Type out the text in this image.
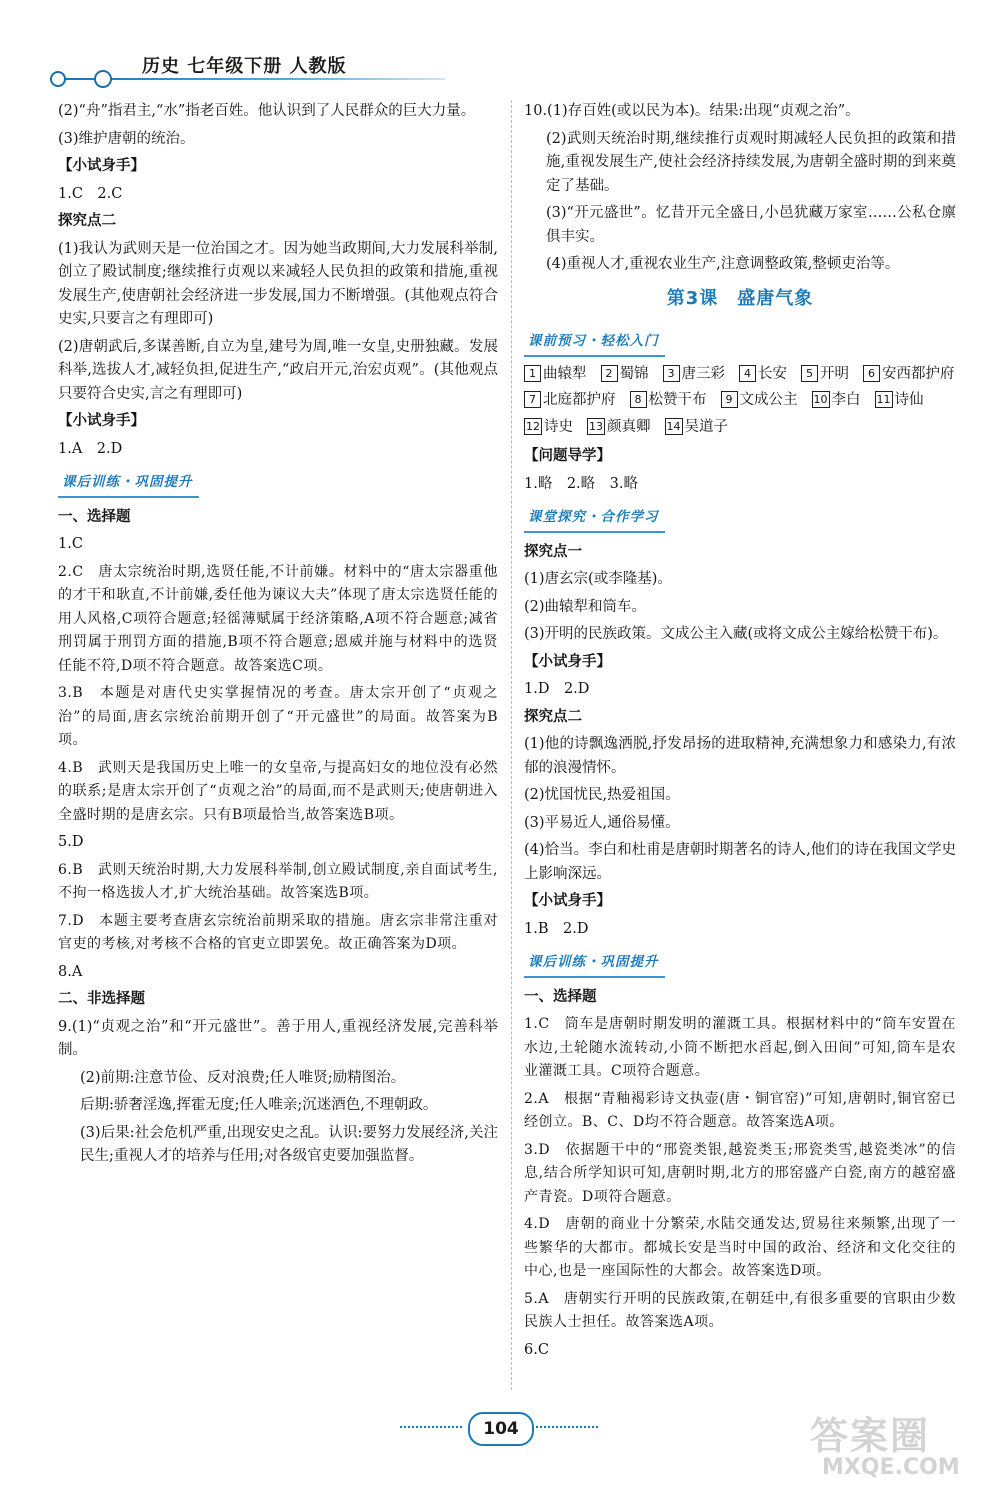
历史 七年级下册 人教版
(2)“舟”指君主,“水”指老百姓。他认识到了人民群众的巨大力量。
(3)维护唐朝的统治。
【小试身手】
1.C　2.C
探究点二
(1)我认为武则天是一位治国之才。因为她当政期间,大力发展科举制,创立了殿试制度;继续推行贞观以来减轻人民负担的政策和措施,重视发展生产,使唐朝社会经济进一步发展,国力不断增强。(其他观点符合史实,只要言之有理即可)
(2)唐朝武后,多谋善断,自立为皇,建号为周,唯一女皇,史册独藏。发展科举,选拔人才,减轻负担,促进生产,“政启开元,治宏贞观”。(其他观点只要符合史实,言之有理即可)
【小试身手】
1.A　2.D
课后训练・巩固提升

一、选择题
1.C
2.C　唐太宗统治时期,选贤任能,不计前嫌。材料中的“唐太宗器重他的才干和耿直,不计前嫌,委任他为谏议大夫”体现了唐太宗选贤任能的用人风格,C项符合题意;轻徭薄赋属于经济策略,A项不符合题意;减省刑罚属于刑罚方面的措施,B项不符合题意;恩威并施与材料中的选贤任能不符,D项不符合题意。故答案选C项。
3.B　本题是对唐代史实掌握情况的考查。唐太宗开创了“贞观之治”的局面,唐玄宗统治前期开创了“开元盛世”的局面。故答案为B项。
4.B　武则天是我国历史上唯一的女皇帝,与提高妇女的地位没有必然的联系;是唐太宗开创了“贞观之治”的局面,而不是武则天;使唐朝进入全盛时期的是唐玄宗。只有B项最恰当,故答案选B项。
5.D
6.B　武则天统治时期,大力发展科举制,创立殿试制度,亲自面试考生,不拘一格选拔人才,扩大统治基础。故答案选B项。
7.D　本题主要考查唐玄宗统治前期采取的措施。唐玄宗非常注重对官吏的考核,对考核不合格的官吏立即罢免。故正确答案为D项。
8.A
二、非选择题
9.(1)“贞观之治”和“开元盛世”。善于用人,重视经济发展,完善科举制。
(2)前期:注意节俭、反对浪费;任人唯贤;励精图治。
后期:骄奢淫逸,挥霍无度;任人唯亲;沉迷酒色,不理朝政。
(3)后果:社会危机严重,出现安史之乱。认识:要努力发展经济,关注民生;重视人才的培养与任用;对各级官吏要加强监督。
10.(1)存百姓(或以民为本)。结果:出现“贞观之治”。
(2)武则天统治时期,继续推行贞观时期减轻人民负担的政策和措施,重视发展生产,使社会经济持续发展,为唐朝全盛时期的到来奠定了基础。
(3)“开元盛世”。忆昔开元全盛日,小邑犹藏万家室……公私仓廪俱丰实。
(4)重视人才,重视农业生产,注意调整政策,整顿吏治等。
第3课　盛唐气象
课前预习・轻松入门
1 曲辕犁	2 蜀锦	3 唐三彩	4 长安	5 开明	6 安西都护府
7 北庭都护府	8 松赞干布	9 文成公主 10 李白 11 诗仙
12 诗史 13 颜真卿 14 吴道子
【问题导学】
1.略　2.略　3.略
课堂探究・合作学习

探究点一
(1)唐玄宗(或李隆基)。
(2)曲辕犁和筒车。
(3)开明的民族政策。文成公主入藏(或将文成公主嫁给松赞干布)。
【小试身手】
1.D　2.D
探究点二
(1)他的诗飘逸洒脱,抒发昂扬的进取精神,充满想象力和感染力,有浓郁的浪漫情怀。
(2)忧国忧民,热爱祖国。
(3)平易近人,通俗易懂。
(4)恰当。李白和杜甫是唐朝时期著名的诗人,他们的诗在我国文学史上影响深远。
【小试身手】
1.B　2.D
课后训练・巩固提升

一、选择题
1.C　筒车是唐朝时期发明的灌溉工具。根据材料中的“筒车安置在水边,土轮随水流转动,小筒不断把水舀起,倒入田间”可知,筒车是农业灌溉工具。C项符合题意。
2.A　根据“青釉褐彩诗文执壶(唐・铜官窑)”可知,唐朝时,铜官窑已经创立。B、C、D均不符合题意。故答案选A项。
3.D　依据题干中的“邢瓷类银,越瓷类玉;邢瓷类雪,越瓷类冰”的信息,结合所学知识可知,唐朝时期,北方的邢窑盛产白瓷,南方的越窑盛产青瓷。D项符合题意。
4.D　唐朝的商业十分繁荣,水陆交通发达,贸易往来频繁,出现了一些繁华的大都市。都城长安是当时中国的政治、经济和文化交往的中心,也是一座国际性的大都会。故答案选D项。
5.A　唐朝实行开明的民族政策,在朝廷中,有很多重要的官职由少数民族人士担任。故答案选A项。
6.C
104	答案圈
MXQE.COM
